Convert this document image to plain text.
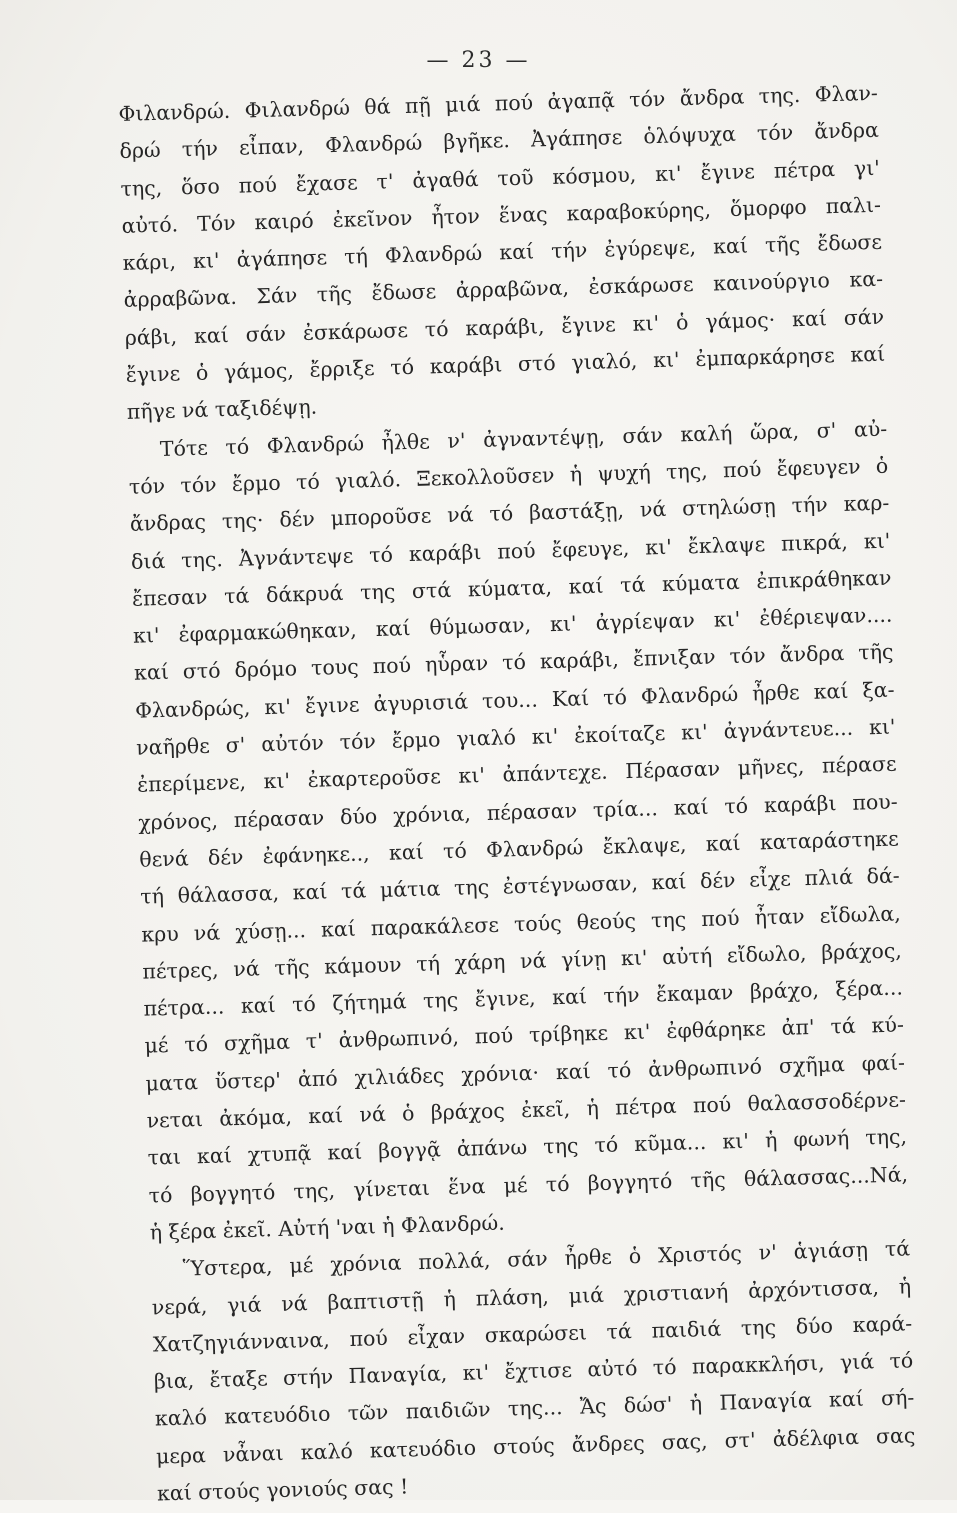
— 23 —
Φιλανδρώ. Φιλανδρώ θά πῇ μιά πού ἀγαπᾷ τόν ἄνδρα της. Φλαν-
δρώ τήν εἶπαν, Φλανδρώ βγῆκε. Ἀγάπησε ὁλόψυχα τόν ἄνδρα
της, ὅσο πού ἔχασε τ' ἀγαθά τοῦ κόσμου, κι' ἔγινε πέτρα γι'
αὐτό. Τόν καιρό ἐκεῖνον ἦτον ἕνας καραβοκύρης, ὅμορφο παλι-
κάρι, κι' ἀγάπησε τή Φλανδρώ καί τήν ἐγύρεψε, καί τῆς ἔδωσε
ἀρραβῶνα. Σάν τῆς ἔδωσε ἀρραβῶνα, ἐσκάρωσε καινούργιο κα-
ράβι, καί σάν ἐσκάρωσε τό καράβι, ἔγινε κι' ὁ γάμος· καί σάν
ἔγινε ὁ γάμος, ἔρριξε τό καράβι στό γιαλό, κι' ἐμπαρκάρησε καί
πῆγε νά ταξιδέψῃ.
Τότε τό Φλανδρώ ἦλθε ν' ἀγναντέψῃ, σάν καλή ὥρα, σ' αὐ-
τόν τόν ἔρμο τό γιαλό. Ξεκολλοῦσεν ἡ ψυχή της, πού ἔφευγεν ὁ
ἄνδρας της· δέν μποροῦσε νά τό βαστάξῃ, νά στηλώσῃ τήν καρ-
διά της. Ἀγνάντεψε τό καράβι πού ἔφευγε, κι' ἔκλαψε πικρά, κι'
ἔπεσαν τά δάκρυά της στά κύματα, καί τά κύματα ἐπικράθηκαν
κι' ἐφαρμακώθηκαν, καί θύμωσαν, κι' ἀγρίεψαν κι' ἐθέριεψαν....
καί στό δρόμο τους πού ηὗραν τό καράβι, ἔπνιξαν τόν ἄνδρα τῆς
Φλανδρώς, κι' ἔγινε ἀγυρισιά του... Καί τό Φλανδρώ ἦρθε καί ξα-
ναῆρθε σ' αὐτόν τόν ἔρμο γιαλό κι' ἐκοίταζε κι' ἀγνάντευε... κι'
ἐπερίμενε, κι' ἐκαρτεροῦσε κι' ἀπάντεχε. Πέρασαν μῆνες, πέρασε
χρόνος, πέρασαν δύο χρόνια, πέρασαν τρία... καί τό καράβι που-
θενά δέν ἐφάνηκε.., καί τό Φλανδρώ ἔκλαψε, καί καταράστηκε
τή θάλασσα, καί τά μάτια της ἐστέγνωσαν, καί δέν εἶχε πλιά δά-
κρυ νά χύσῃ... καί παρακάλεσε τούς θεούς της πού ἦταν εἴδωλα,
πέτρες, νά τῆς κάμουν τή χάρη νά γίνῃ κι' αὐτή εἴδωλο, βράχος,
πέτρα... καί τό ζήτημά της ἔγινε, καί τήν ἔκαμαν βράχο, ξέρα...
μέ τό σχῆμα τ' ἀνθρωπινό, πού τρίβηκε κι' ἐφθάρηκε ἀπ' τά κύ-
ματα ὕστερ' ἀπό χιλιάδες χρόνια· καί τό ἀνθρωπινό σχῆμα φαί-
νεται ἀκόμα, καί νά ὁ βράχος ἐκεῖ, ἡ πέτρα πού θαλασσοδέρνε-
ται καί χτυπᾷ καί βογγᾷ ἀπάνω της τό κῦμα... κι' ἡ φωνή της,
τό βογγητό της, γίνεται ἕνα μέ τό βογγητό τῆς θάλασσας...Νά,
ἡ ξέρα ἐκεῖ. Αὐτή 'ναι ἡ Φλανδρώ.
Ὕστερα, μέ χρόνια πολλά, σάν ἦρθε ὁ Χριστός ν' ἁγιάσῃ τά
νερά, γιά νά βαπτιστῇ ἡ πλάση, μιά χριστιανή ἀρχόντισσα, ἡ
Χατζηγιάνναινα, πού εἶχαν σκαρώσει τά παιδιά της δύο καρά-
βια, ἔταξε στήν Παναγία, κι' ἔχτισε αὐτό τό παρακκλήσι, γιά τό
καλό κατευόδιο τῶν παιδιῶν της... Ἄς δώσ' ἡ Παναγία καί σή-
μερα νἆναι καλό κατευόδιο στούς ἄνδρες σας, στ' ἀδέλφια σας
καί στούς γονιούς σας !
